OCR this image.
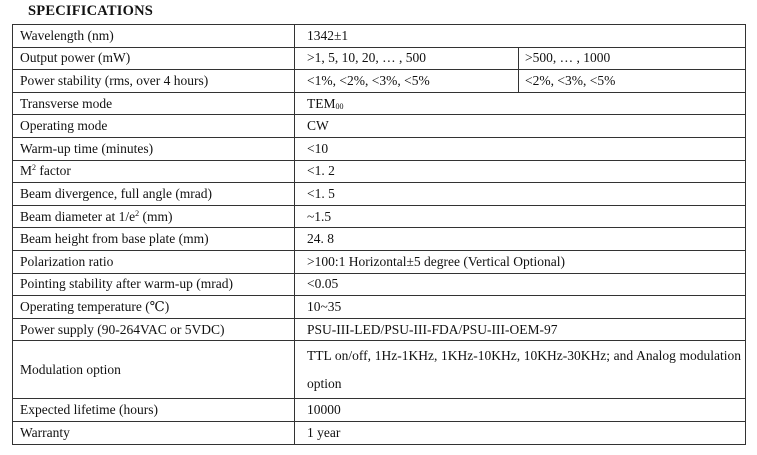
SPECIFICATIONS
Wavelength (nm)	1342±1	
Output power (mW)	>1, 5, 10, 20, … , 500	>500, … , 1000
Power stability (rms, over 4 hours)	<1%, <2%, <3%, <5%	<2%, <3%, <5%
Transverse mode	$TEM_{00}$
Operating mode	CW	
Warm-up time (minutes)	<10	
$M^2$ factor	<1. 2	
Beam divergence, full angle (mrad)	<1. 5	
Beam diameter at $1/e^2$ (mm)	~1.5	
Beam height from base plate (mm)	24. 8	
Polarization ratio	>100:1 Horizontal±5 degree (Vertical Optional)	
Pointing stability after warm-up (mrad)	<0.05	
Operating temperature (℃)	10~35	
Power supply (90-264VAC or 5VDC)	PSU-III-LED/PSU-III-FDA/PSU-III-OEM-97	
Modulation option	TTL on/off, 1Hz-1KHz, 1KHz-10KHz, 10KHz-30KHz; and Analog modulation option	
Expected lifetime (hours)	10000	
Warranty	1 year	
